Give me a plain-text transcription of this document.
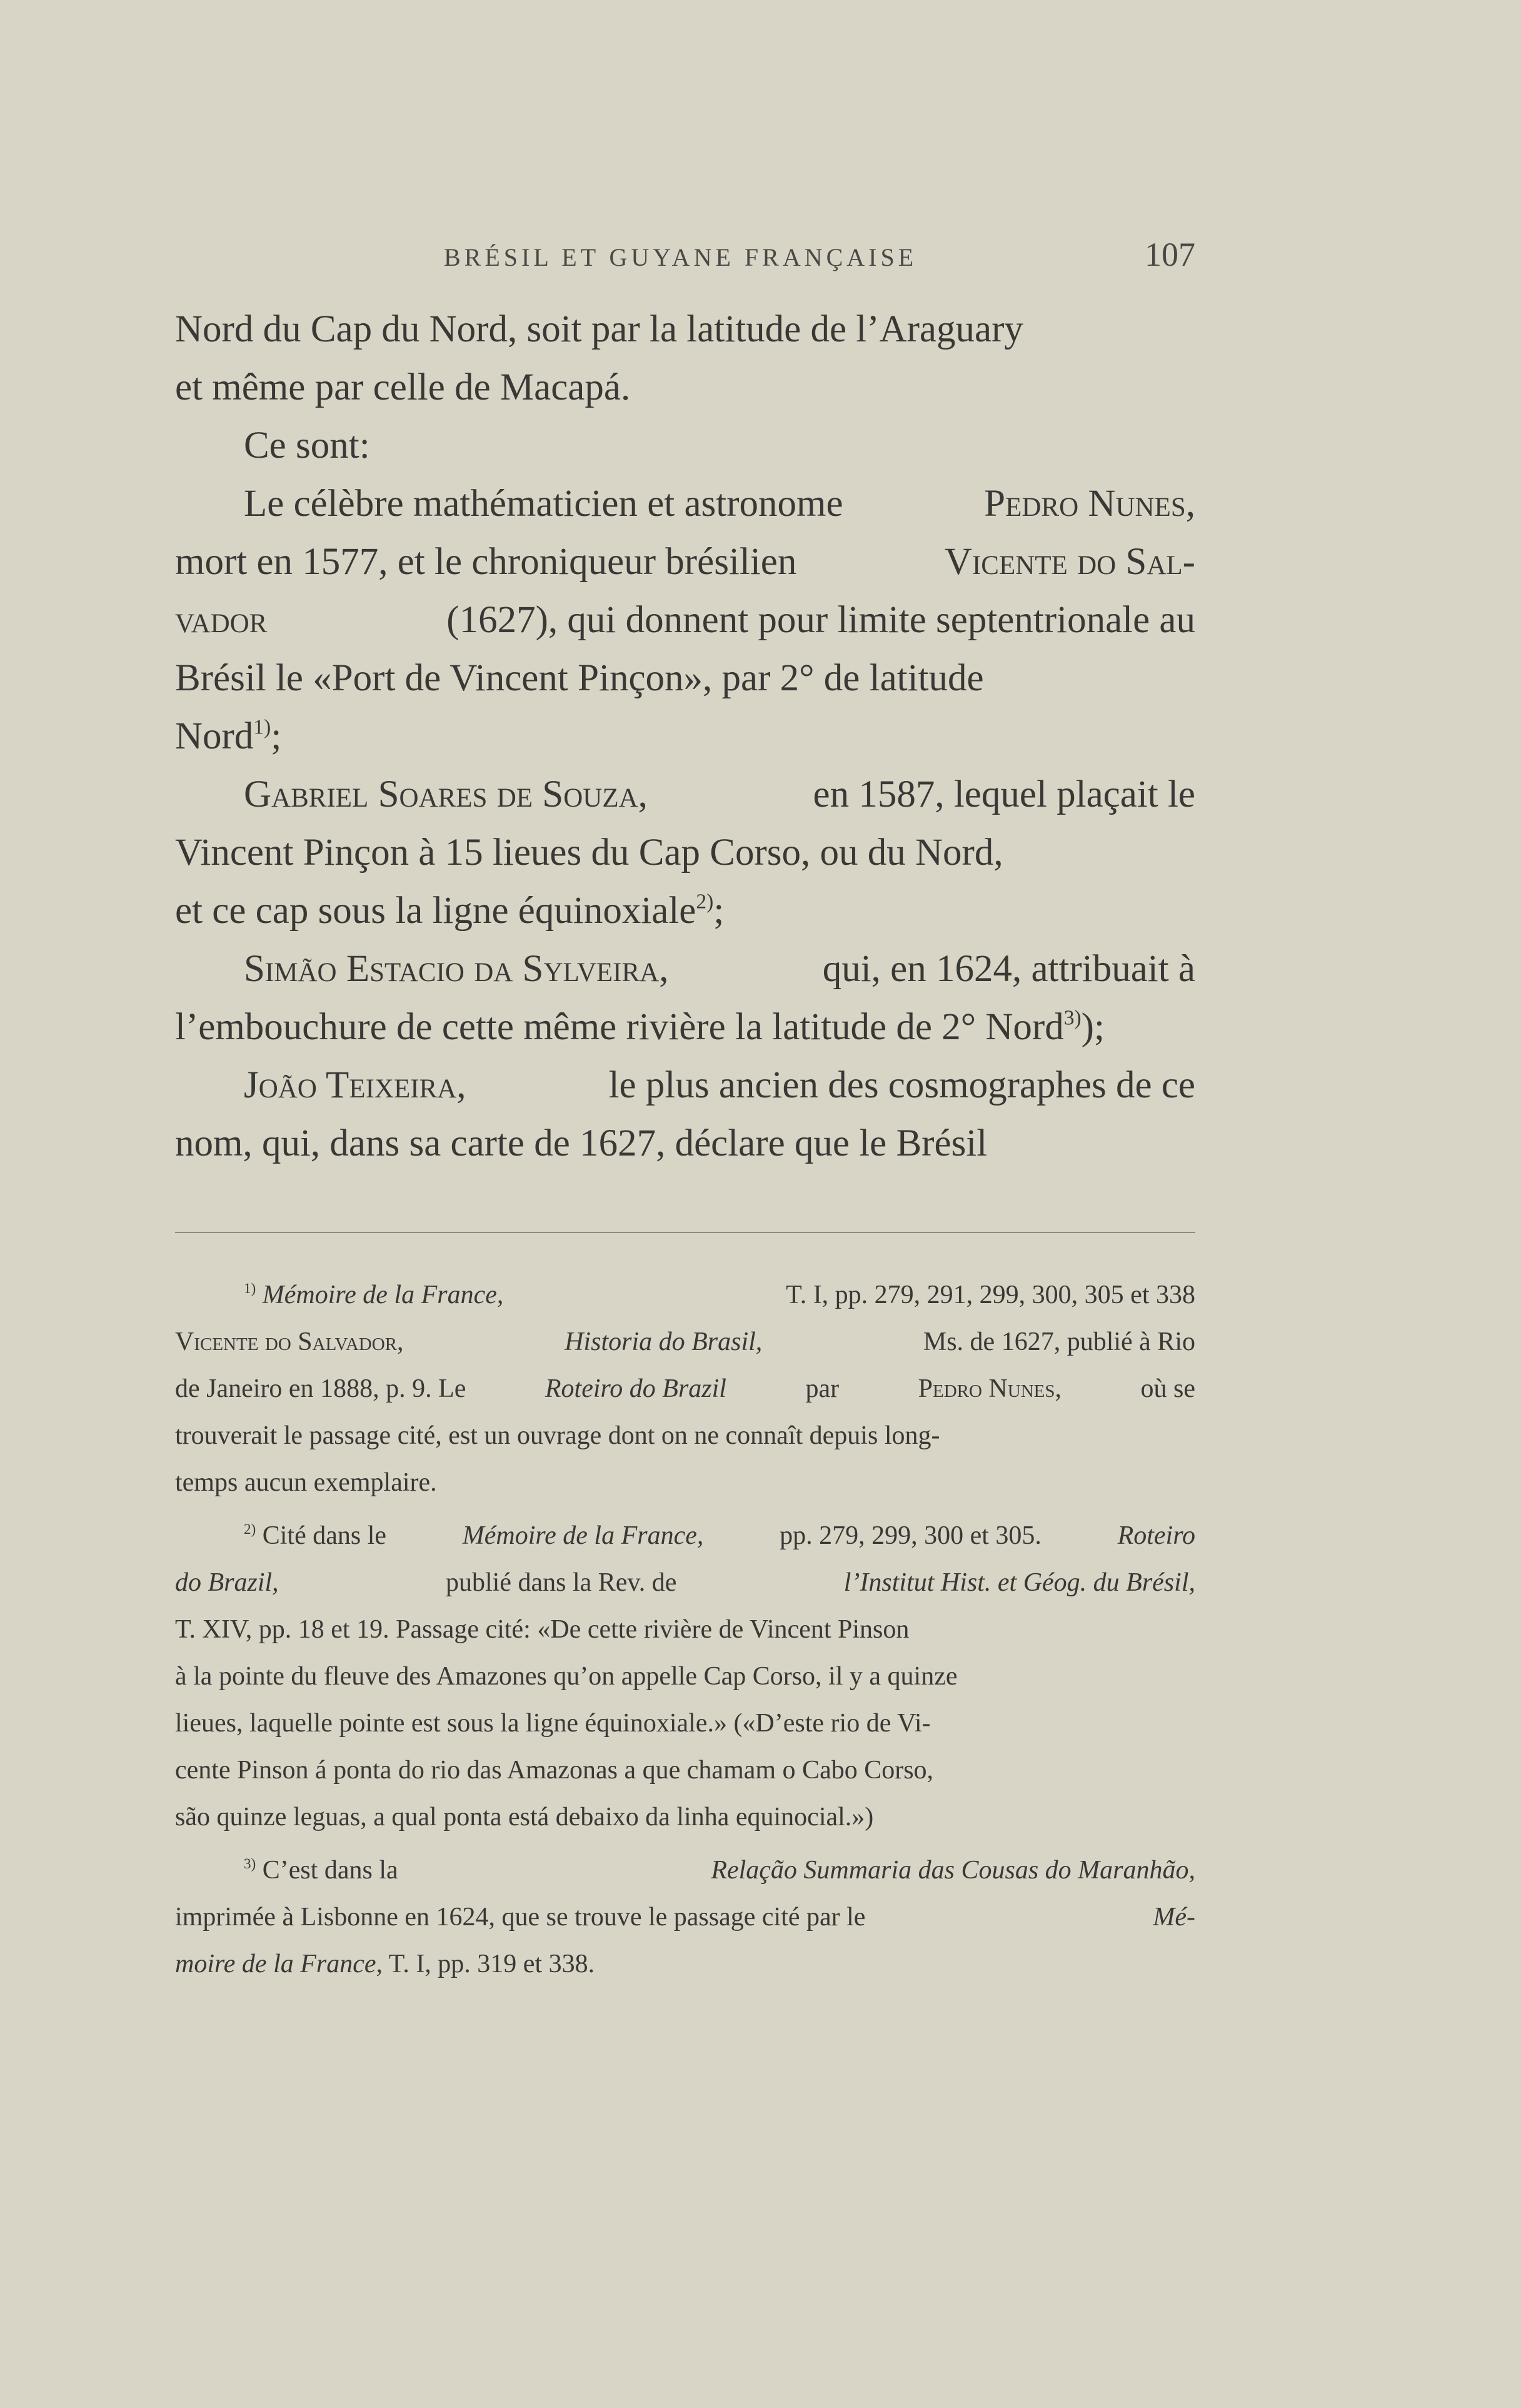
BRÉSIL ET GUYANE FRANÇAISE	107
Nord du Cap du Nord, soit par la latitude de l’Araguary
et même par celle de Macapá.
Ce sont:
Le célèbre mathématicien et astronome	Pedro Nunes,
mort en 1577, et le chroniqueur brésilien	Vicente do Sal-
vador	(1627), qui donnent pour limite septentrionale au
Brésil le «Port de Vincent Pinçon», par 2° de latitude
Nord$^{1)}$;
Gabriel Soares de Souza,	en 1587, lequel plaçait le
Vincent Pinçon à 15 lieues du Cap Corso, ou du Nord,
et ce cap sous la ligne équinoxiale$^{2)}$;
Simão Estacio da Sylveira,	qui, en 1624, attribuait à
l’embouchure de cette même rivière la latitude de 2° Nord$^{3)}$);
João Teixeira,	le plus ancien des cosmographes de ce
nom, qui, dans sa carte de 1627, déclare que le Brésil
$^{1)}$ Mémoire de la France,	T. I, pp. 279, 291, 299, 300, 305 et 338
Vicente do Salvador,	Historia do Brasil,	Ms. de 1627, publié à Rio
de Janeiro en 1888, p. 9. Le	Roteiro do Brazil	par	Pedro Nunes,	où se
trouverait le passage cité, est un ouvrage dont on ne connaît depuis long-
temps aucun exemplaire.
$^{2)}$ Cité dans le	Mémoire de la France,	pp. 279, 299, 300 et 305.	Roteiro
do Brazil,	publié dans la Rev. de	l’Institut Hist. et Géog. du Brésil,
T. XIV, pp. 18 et 19. Passage cité: «De cette rivière de Vincent Pinson
à la pointe du fleuve des Amazones qu’on appelle Cap Corso, il y a quinze
lieues, laquelle pointe est sous la ligne équinoxiale.» («D’este rio de Vi-
cente Pinson á ponta do rio das Amazonas a que chamam o Cabo Corso,
são quinze leguas, a qual ponta está debaixo da linha equinocial.»)
$^{3)}$ C’est dans la	Relação Summaria das Cousas do Maranhão,
imprimée à Lisbonne en 1624, que se trouve le passage cité par le	Mé-
moire de la France, T. I, pp. 319 et 338.
